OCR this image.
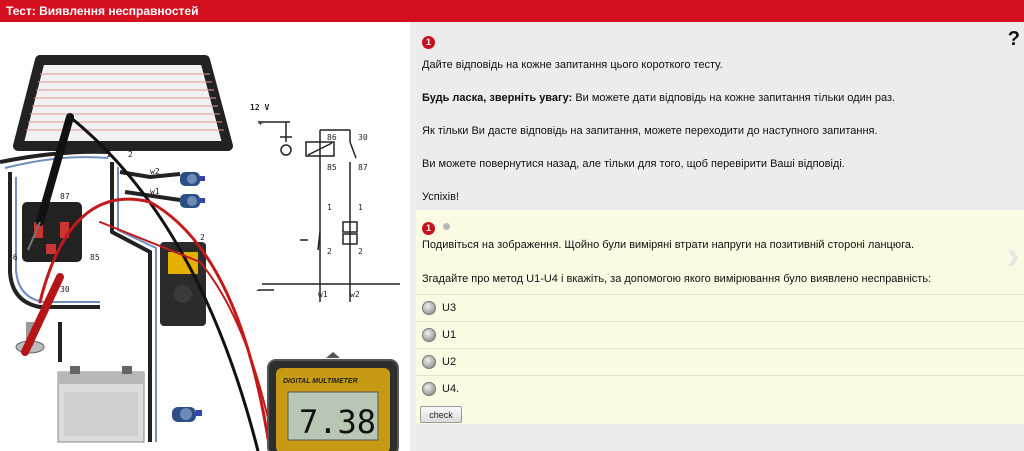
Тест: Виявлення несправностей
1 2
w2
w1
87
86	85
30
2
12 V
+
−
86	30
85	87
1
2
1
2
w1	w2
DIGITAL MULTIMETER
7.38
?
1

Дайте відповідь на кожне запитання цього короткого тесту.

Будь ласка, зверніть увагу: Ви можете дати відповідь на кожне запитання тільки один раз.

Як тільки Ви дасте відповідь на запитання, можете переходити до наступного запитання.

Ви можете повернутися назад, але тільки для того, щоб перевірити Ваші відповіді.

Успіхів!

1
Подивіться на зображення. Щойно були виміряні втрати напруги на позитивній стороні ланцюга.
Згадайте про метод U1-U4 і вкажіть, за допомогою якого вимірювання було виявлено несправність:
U3
U1
U2
U4.
check
›
